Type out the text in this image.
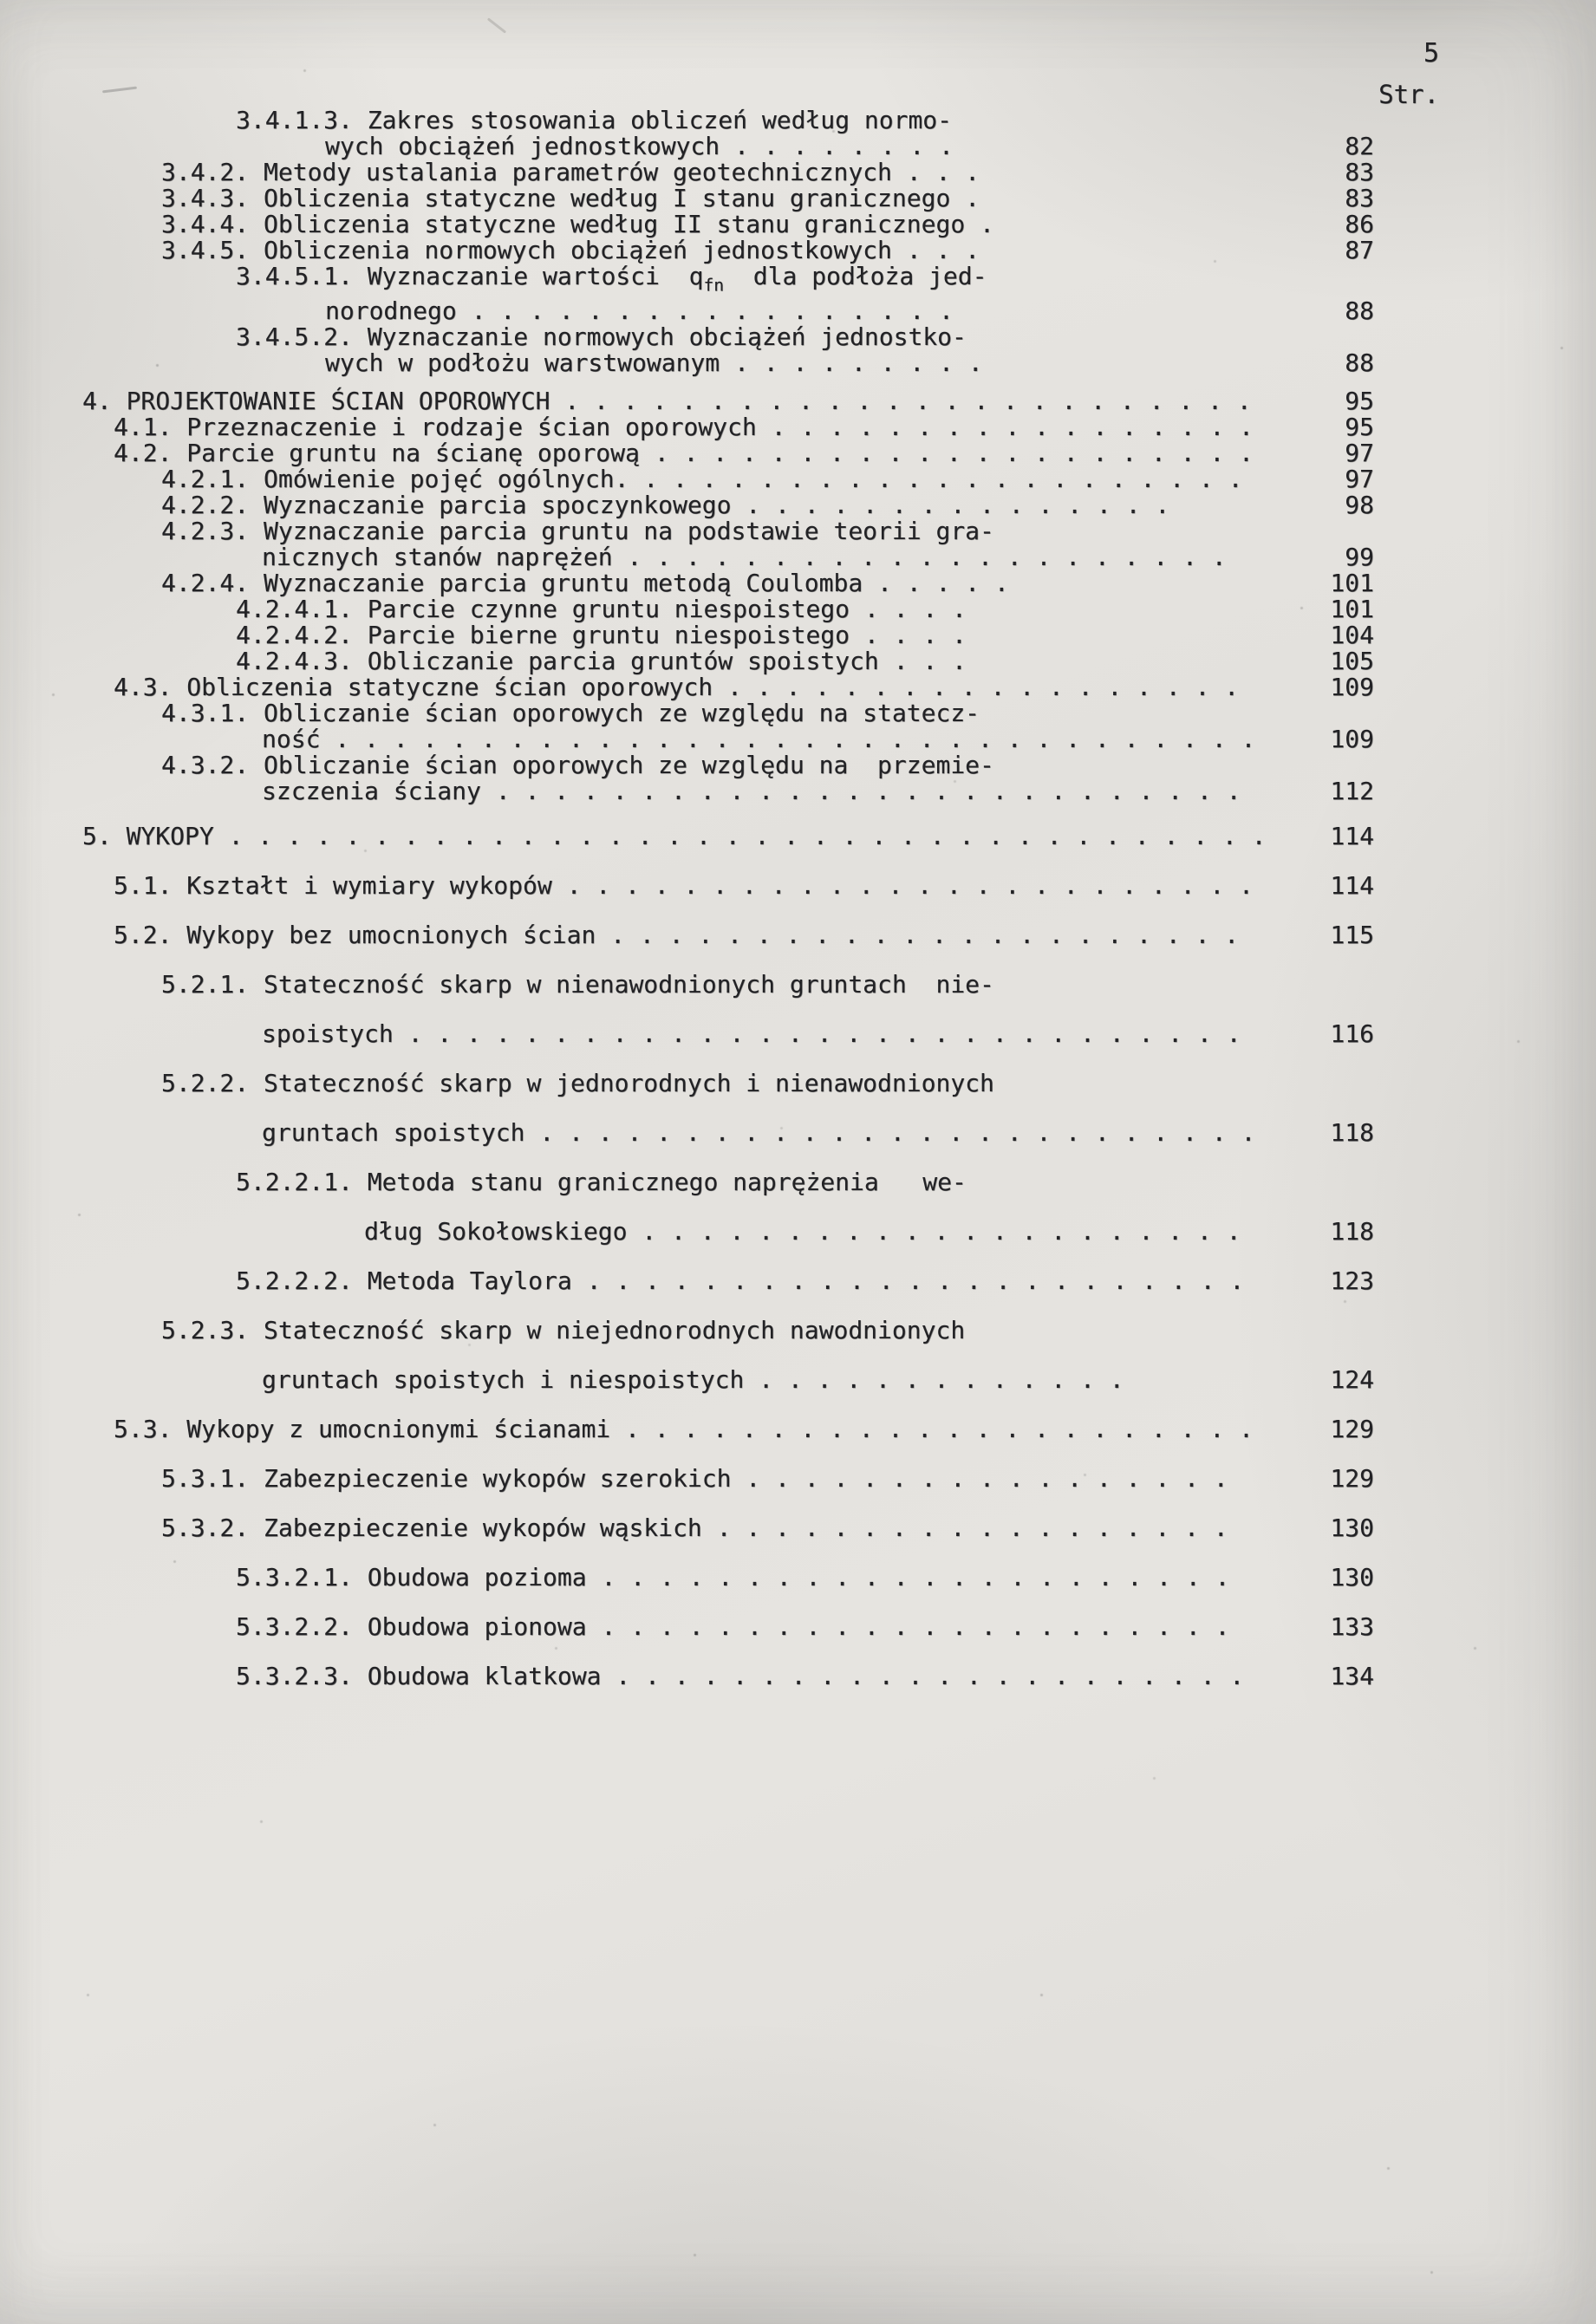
5
Str.
3.4.1.3. Zakres stosowania obliczeń według normo-
wych obciążeń jednostkowych . . . . . . . .	82
3.4.2. Metody ustalania parametrów geotechnicznych . . .	83
3.4.3. Obliczenia statyczne według I stanu granicznego .	83
3.4.4. Obliczenia statyczne według II stanu granicznego .	86
3.4.5. Obliczenia normowych obciążeń jednostkowych . . .	87
3.4.5.1. Wyznaczanie wartości  $q_{fn}$  dla podłoża jed-
norodnego . . . . . . . . . . . . . . . . .	88
3.4.5.2. Wyznaczanie normowych obciążeń jednostko-
wych w podłożu warstwowanym . . . . . . . . .	88
4. PROJEKTOWANIE ŚCIAN OPOROWYCH . . . . . . . . . . . . . . . . . . . . . . . .	95
4.1. Przeznaczenie i rodzaje ścian oporowych . . . . . . . . . . . . . . . . .	95
4.2. Parcie gruntu na ścianę oporową . . . . . . . . . . . . . . . . . . . . .	97
4.2.1. Omówienie pojęć ogólnych. . . . . . . . . . . . . . . . . . . . . .	97
4.2.2. Wyznaczanie parcia spoczynkowego . . . . . . . . . . . . . . .	98
4.2.3. Wyznaczanie parcia gruntu na podstawie teorii gra-
nicznych stanów naprężeń . . . . . . . . . . . . . . . . . . . . .	99
4.2.4. Wyznaczanie parcia gruntu metodą Coulomba . . . . .	101
4.2.4.1. Parcie czynne gruntu niespoistego . . . .	101
4.2.4.2. Parcie bierne gruntu niespoistego . . . .	104
4.2.4.3. Obliczanie parcia gruntów spoistych . . .	105
4.3. Obliczenia statyczne ścian oporowych . . . . . . . . . . . . . . . . . .	109
4.3.1. Obliczanie ścian oporowych ze względu na statecz-
ność . . . . . . . . . . . . . . . . . . . . . . . . . . . . . . . .	109
4.3.2. Obliczanie ścian oporowych ze względu na  przemie-
szczenia ściany . . . . . . . . . . . . . . . . . . . . . . . . . .	112
5. WYKOPY . . . . . . . . . . . . . . . . . . . . . . . . . . . . . . . . . . . .	114
5.1. Kształt i wymiary wykopów . . . . . . . . . . . . . . . . . . . . . . . .	114
5.2. Wykopy bez umocnionych ścian . . . . . . . . . . . . . . . . . . . . . .	115
5.2.1. Stateczność skarp w nienawodnionych gruntach  nie-
spoistych . . . . . . . . . . . . . . . . . . . . . . . . . . . . .	116
5.2.2. Stateczność skarp w jednorodnych i nienawodnionych
gruntach spoistych . . . . . . . . . . . . . . . . . . . . . . . . .	118
5.2.2.1. Metoda stanu granicznego naprężenia   we-
dług Sokołowskiego . . . . . . . . . . . . . . . . . . . . .	118
5.2.2.2. Metoda Taylora . . . . . . . . . . . . . . . . . . . . . . .	123
5.2.3. Stateczność skarp w niejednorodnych nawodnionych
gruntach spoistych i niespoistych . . . . . . . . . . . . .	124
5.3. Wykopy z umocnionymi ścianami . . . . . . . . . . . . . . . . . . . . . .	129
5.3.1. Zabezpieczenie wykopów szerokich . . . . . . . . . . . . . . . . .	129
5.3.2. Zabezpieczenie wykopów wąskich . . . . . . . . . . . . . . . . . .	130
5.3.2.1. Obudowa pozioma . . . . . . . . . . . . . . . . . . . . . .	130
5.3.2.2. Obudowa pionowa . . . . . . . . . . . . . . . . . . . . . .	133
5.3.2.3. Obudowa klatkowa . . . . . . . . . . . . . . . . . . . . . .	134
